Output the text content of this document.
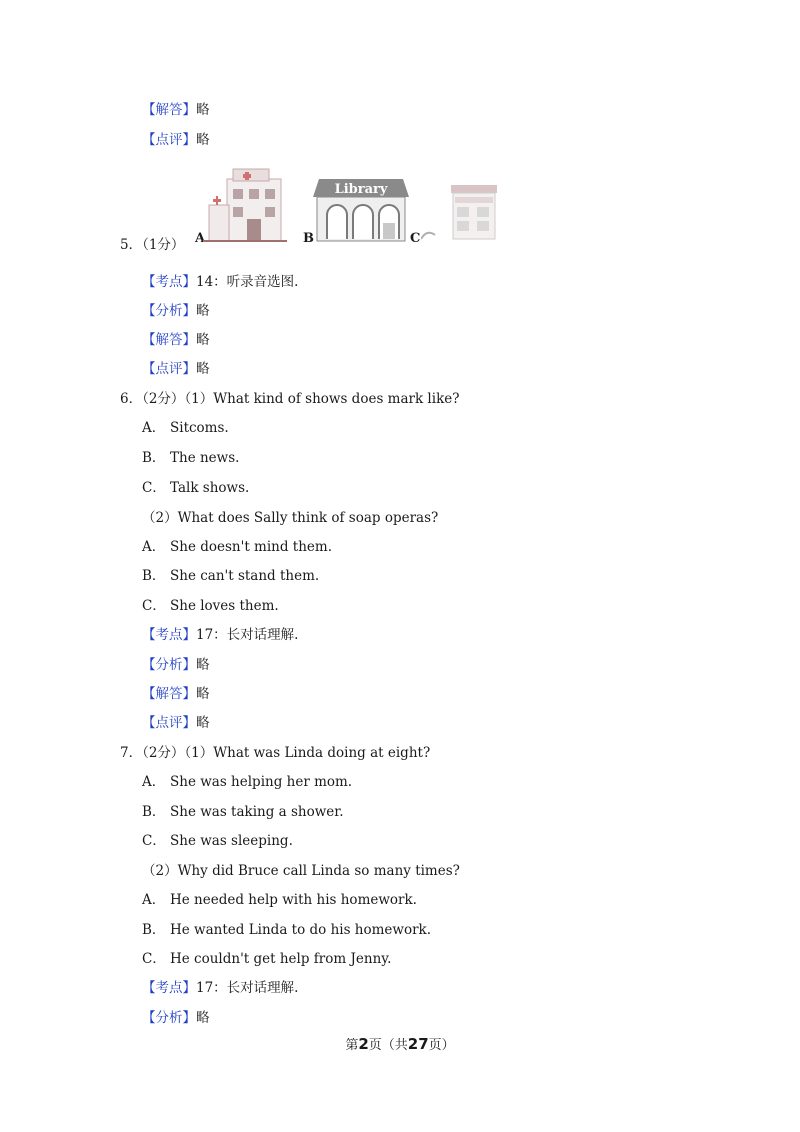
【解答】略
【点评】略
5．（1分） A	B
Library
C
【考点】14：听录音选图.
【分析】略
【解答】略
【点评】略
6．（2分）（1）What kind of shows does mark like?
A． Sitcoms.
B． The news.
C． Talk shows.
（2）What does Sally think of soap operas?
A． She doesn't mind them.
B． She can't stand them.
C． She loves them.
【考点】17：长对话理解.
【分析】略
【解答】略
【点评】略
7．（2分）（1）What was Linda doing at eight?
A． She was helping her mom.
B． She was taking a shower.
C． She was sleeping.
（2）Why did Bruce call Linda so many times?
A． He needed help with his homework.
B． He wanted Linda to do his homework.
C． He couldn't get help from Jenny.
【考点】17：长对话理解.
【分析】略
第2页（共27页）
